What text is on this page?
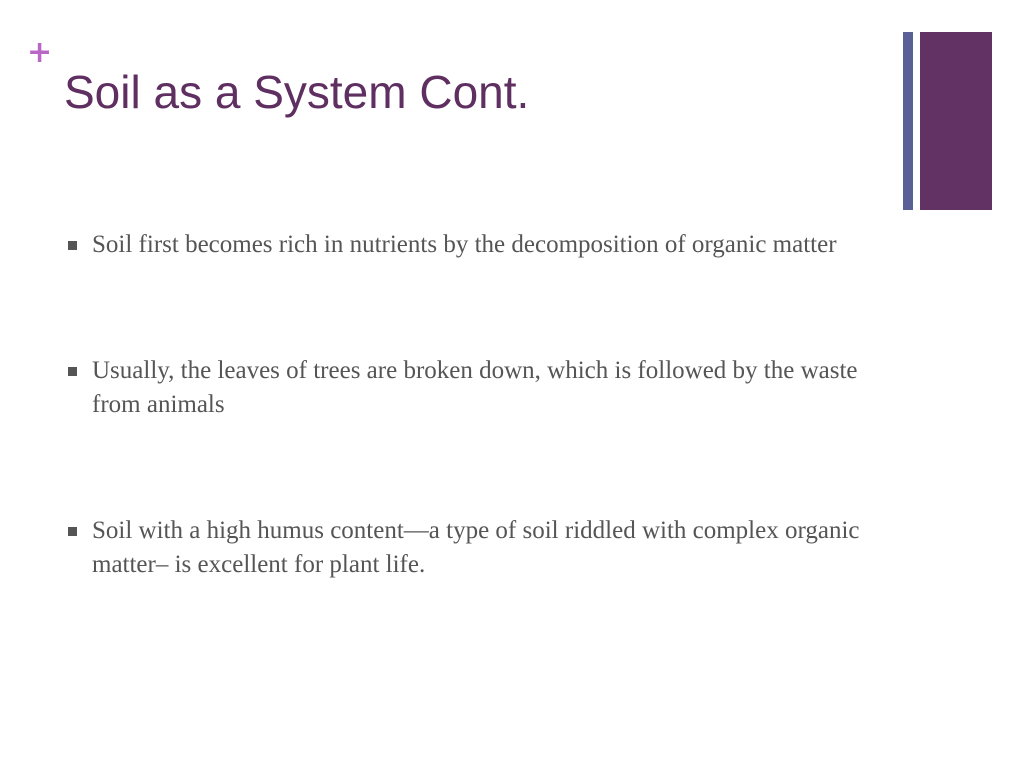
+
Soil as a System Cont.
Soil first becomes rich in nutrients by the decomposition of organic matter
Usually, the leaves of trees are broken down, which is followed by the waste from animals
Soil with a high humus content—a type of soil riddled with complex organic matter– is excellent for plant life.
